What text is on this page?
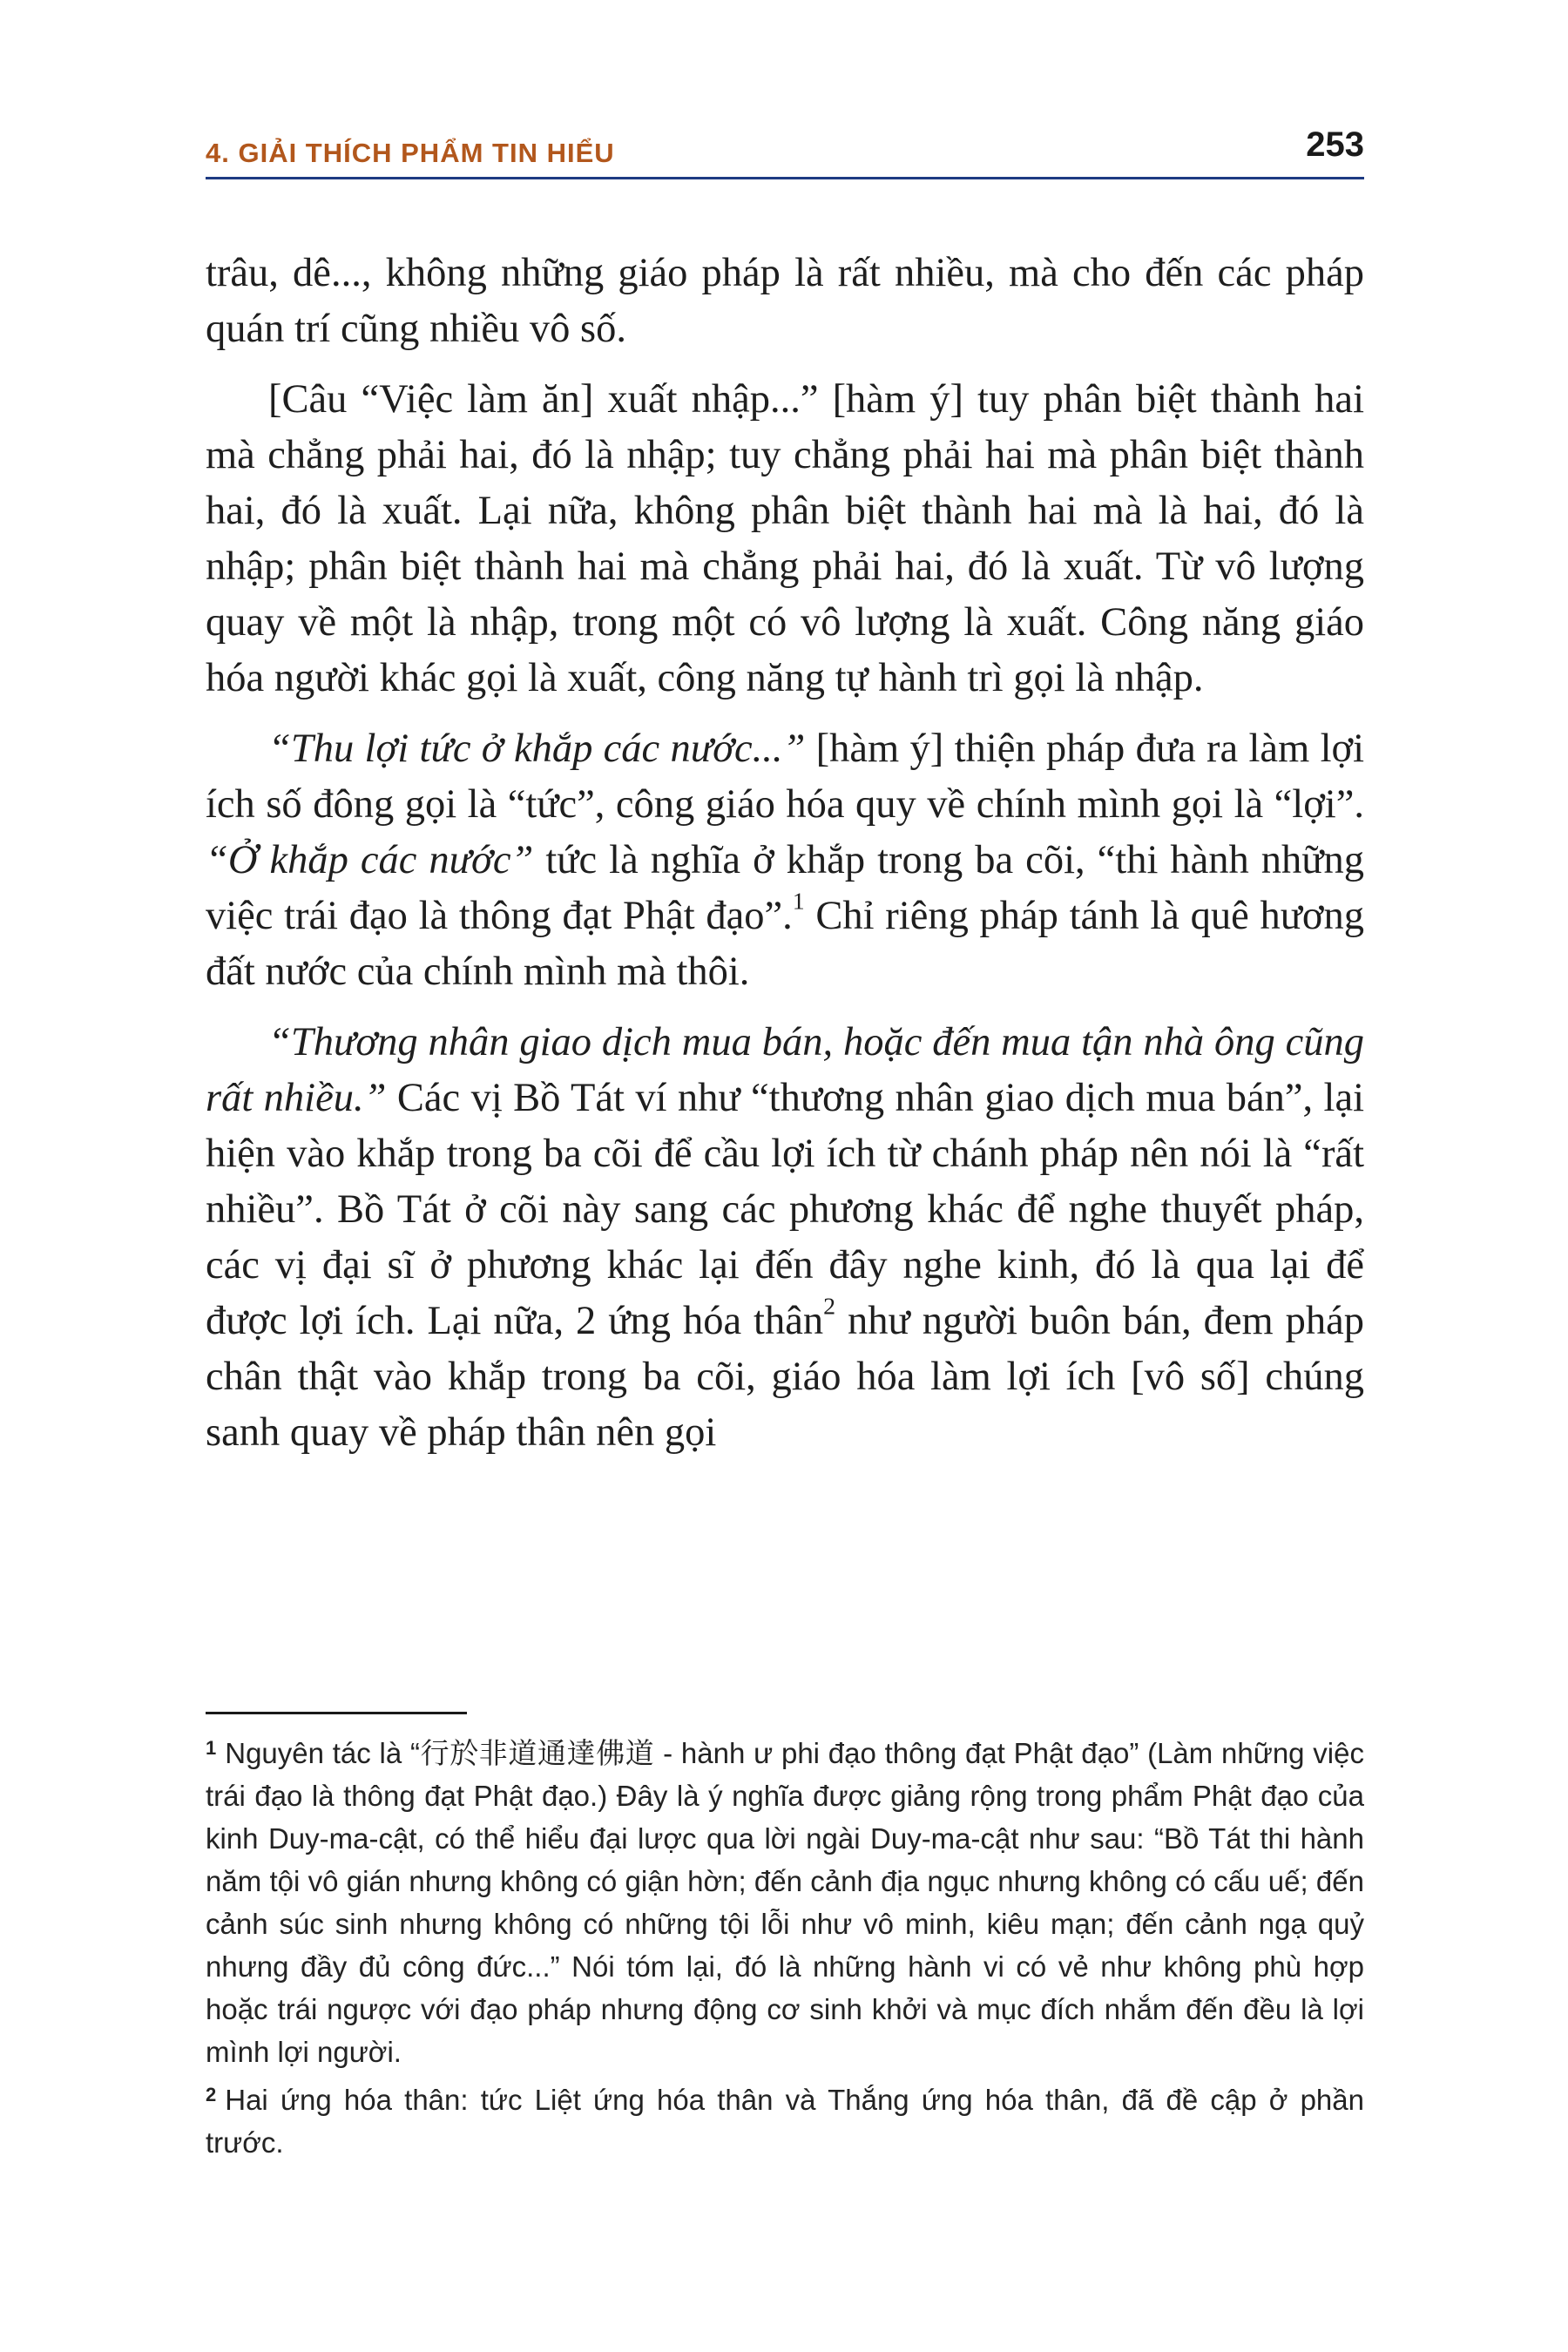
4. GIẢI THÍCH PHẨM TIN HIỂU	253

trâu, dê..., không những giáo pháp là rất nhiều, mà cho đến các pháp quán trí cũng nhiều vô số.

[Câu “Việc làm ăn] xuất nhập...” [hàm ý] tuy phân biệt thành hai mà chẳng phải hai, đó là nhập; tuy chẳng phải hai mà phân biệt thành hai, đó là xuất. Lại nữa, không phân biệt thành hai mà là hai, đó là nhập; phân biệt thành hai mà chẳng phải hai, đó là xuất. Từ vô lượng quay về một là nhập, trong một có vô lượng là xuất. Công năng giáo hóa người khác gọi là xuất, công năng tự hành trì gọi là nhập.

“Thu lợi tức ở khắp các nước...” [hàm ý] thiện pháp đưa ra làm lợi ích số đông gọi là “tức”, công giáo hóa quy về chính mình gọi là “lợi”. “Ở khắp các nước” tức là nghĩa ở khắp trong ba cõi, “thi hành những việc trái đạo là thông đạt Phật đạo”.$^1$ Chỉ riêng pháp tánh là quê hương đất nước của chính mình mà thôi.

“Thương nhân giao dịch mua bán, hoặc đến mua tận nhà ông cũng rất nhiều.” Các vị Bồ Tát ví như “thương nhân giao dịch mua bán”, lại hiện vào khắp trong ba cõi để cầu lợi ích từ chánh pháp nên nói là “rất nhiều”. Bồ Tát ở cõi này sang các phương khác để nghe thuyết pháp, các vị đại sĩ ở phương khác lại đến đây nghe kinh, đó là qua lại để được lợi ích. Lại nữa, 2 ứng hóa thân$^2$ như người buôn bán, đem pháp chân thật vào khắp trong ba cõi, giáo hóa làm lợi ích [vô số] chúng sanh quay về pháp thân nên gọi

$^1$ Nguyên tác là “行於非道通達佛道 - hành ư phi đạo thông đạt Phật đạo” (Làm những việc trái đạo là thông đạt Phật đạo.) Đây là ý nghĩa được giảng rộng trong phẩm Phật đạo của kinh Duy-ma-cật, có thể hiểu đại lược qua lời ngài Duy-ma-cật như sau: “Bồ Tát thi hành năm tội vô gián nhưng không có giận hờn; đến cảnh địa ngục nhưng không có cấu uế; đến cảnh súc sinh nhưng không có những tội lỗi như vô minh, kiêu mạn; đến cảnh ngạ quỷ nhưng đầy đủ công đức...” Nói tóm lại, đó là những hành vi có vẻ như không phù hợp hoặc trái ngược với đạo pháp nhưng động cơ sinh khởi và mục đích nhắm đến đều là lợi mình lợi người.

$^2$ Hai ứng hóa thân: tức Liệt ứng hóa thân và Thắng ứng hóa thân, đã đề cập ở phần trước.
